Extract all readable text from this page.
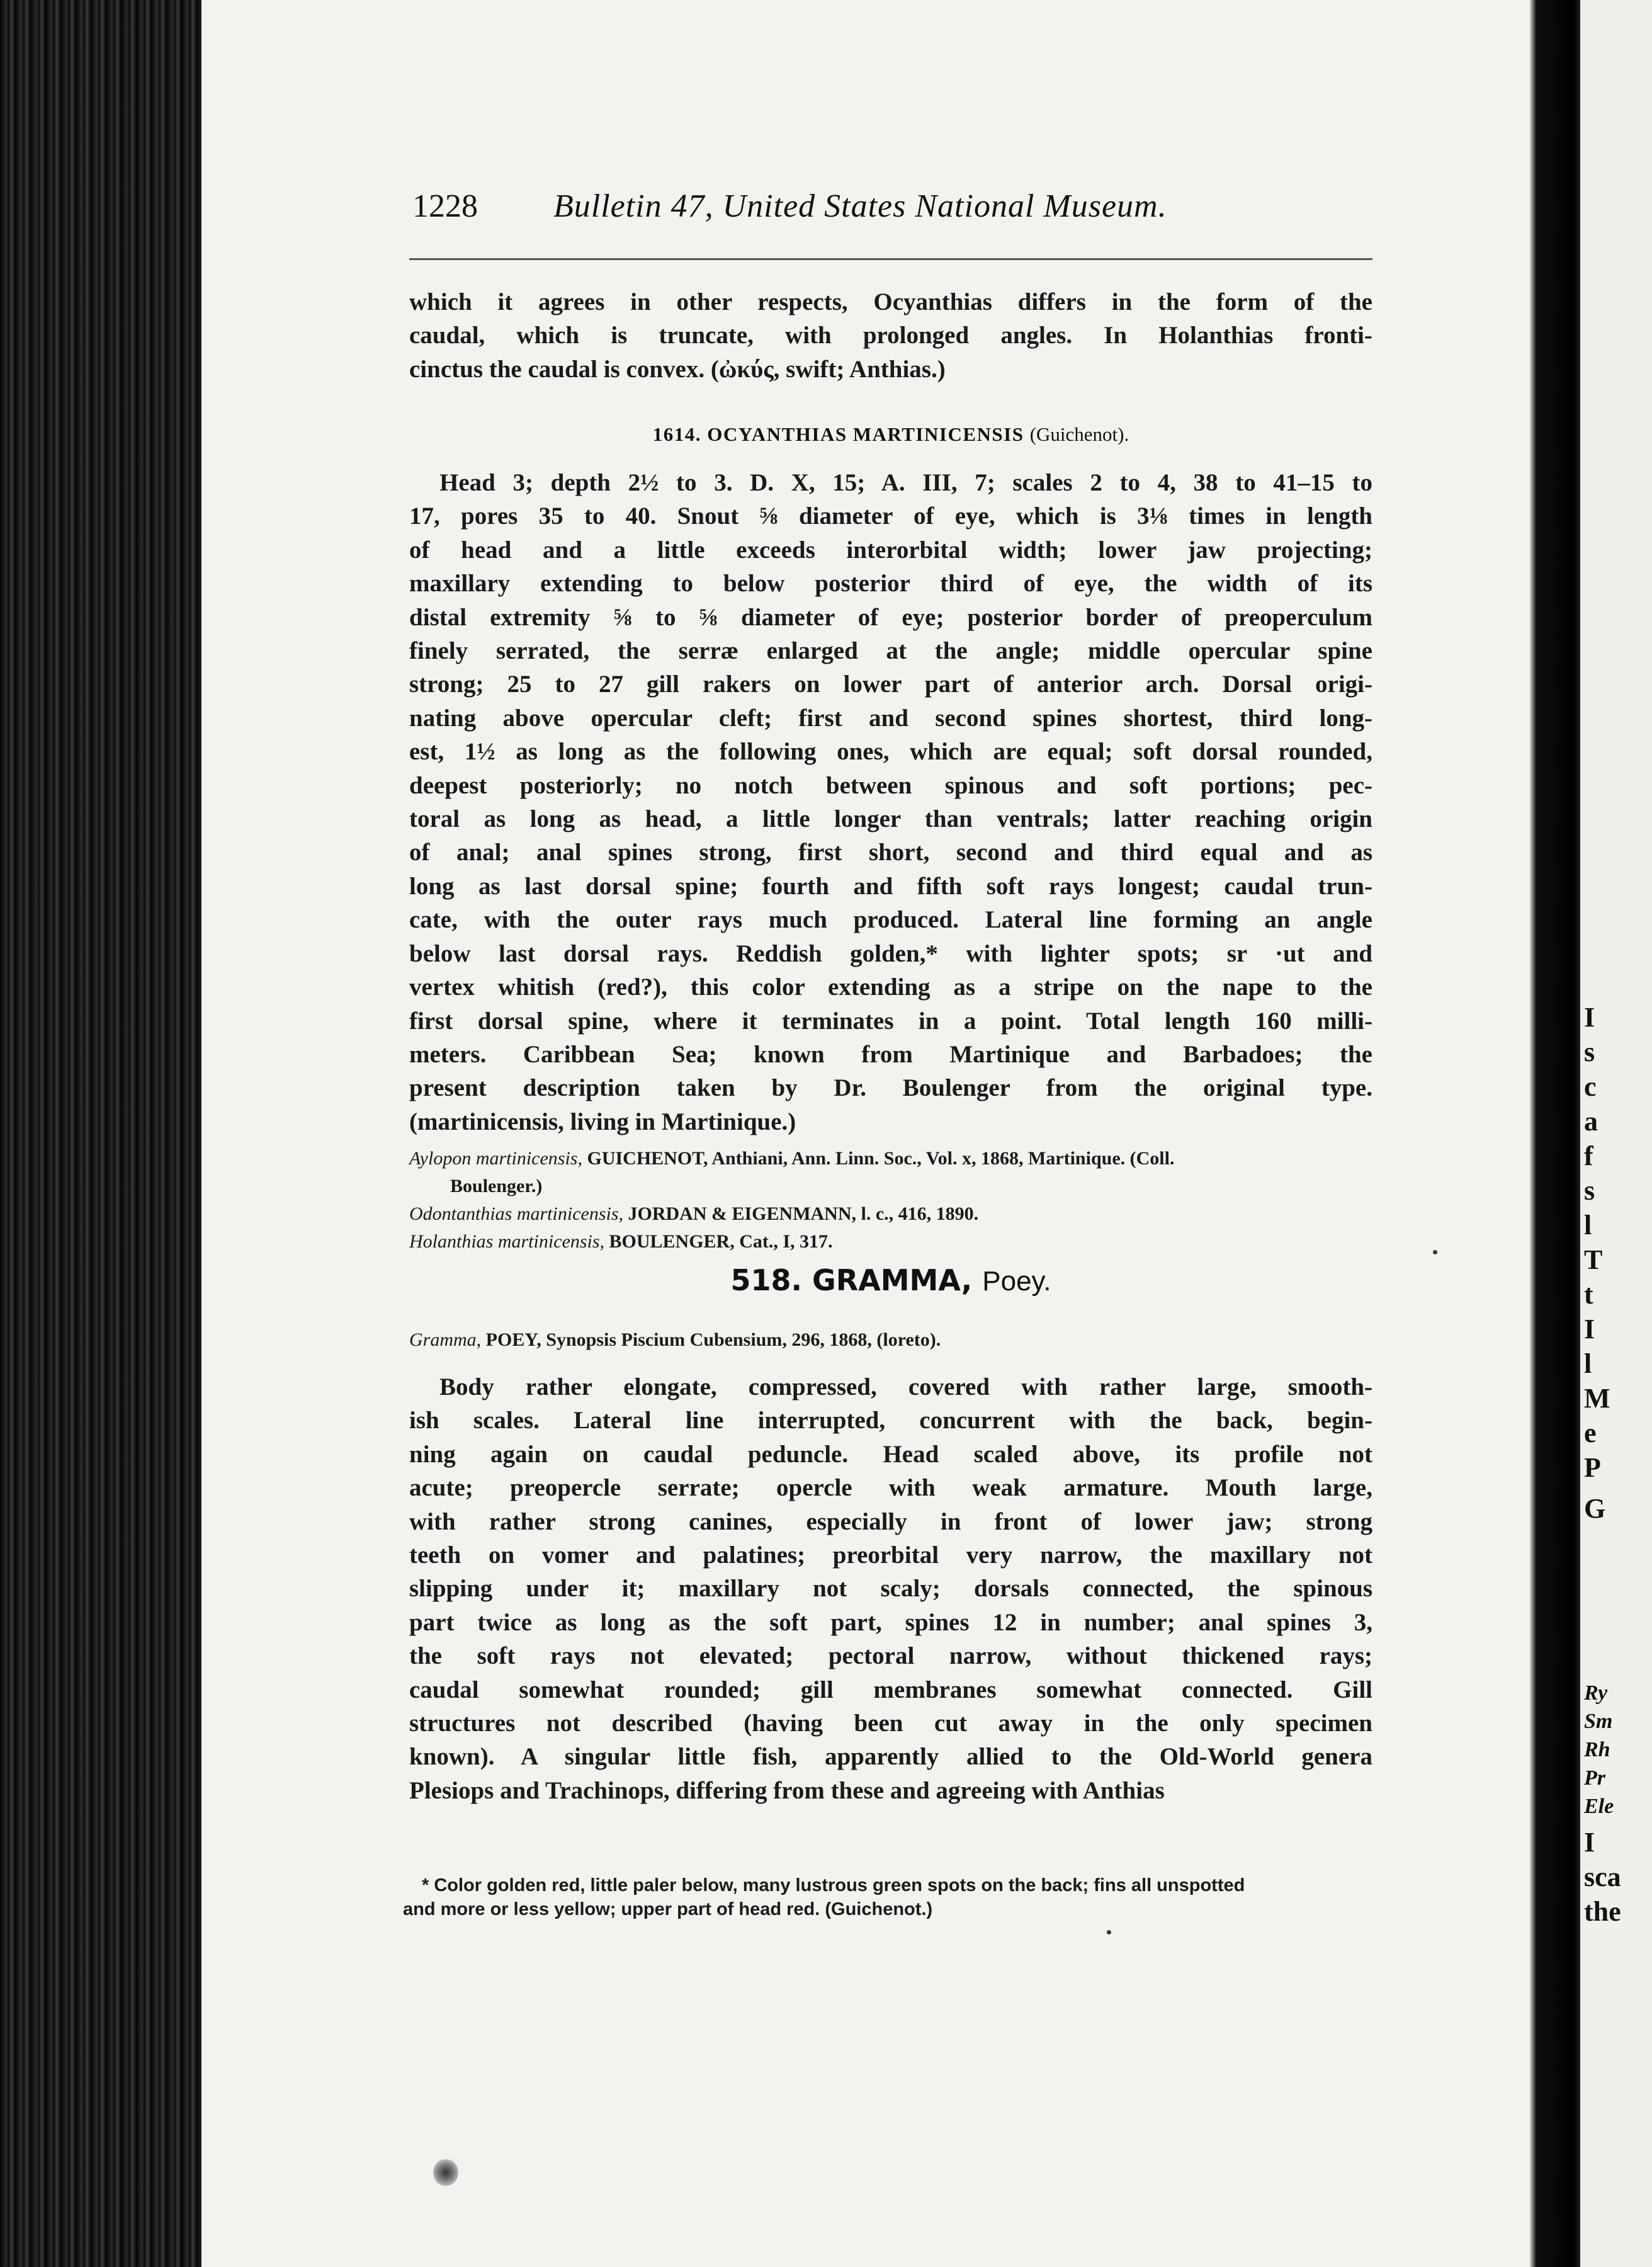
I
s
c
a
f
s
l
T
t
I
l
M
e
P
G
Ry
Sm
Rh
Pr
Ele
I
sca
the
1228 Bulletin 47, United States National Museum.
which it agrees in other respects, Ocyanthias differs in the form of the
caudal, which is truncate, with prolonged angles. In Holanthias fronti-
cinctus the caudal is convex. (ὠκύς, swift; Anthias.)
1614. OCYANTHIAS MARTINICENSIS (Guichenot).
Head 3; depth 2½ to 3. D. X, 15; A. III, 7; scales 2 to 4, 38 to 41–15 to
17, pores 35 to 40. Snout ⅝ diameter of eye, which is 3⅛ times in length
of head and a little exceeds interorbital width; lower jaw projecting;
maxillary extending to below posterior third of eye, the width of its
distal extremity ⅝ to ⅝ diameter of eye; posterior border of preoperculum
finely serrated, the serræ enlarged at the angle; middle opercular spine
strong; 25 to 27 gill rakers on lower part of anterior arch. Dorsal origi-
nating above opercular cleft; first and second spines shortest, third long-
est, 1½ as long as the following ones, which are equal; soft dorsal rounded,
deepest posteriorly; no notch between spinous and soft portions; pec-
toral as long as head, a little longer than ventrals; latter reaching origin
of anal; anal spines strong, first short, second and third equal and as
long as last dorsal spine; fourth and fifth soft rays longest; caudal trun-
cate, with the outer rays much produced. Lateral line forming an angle
below last dorsal rays. Reddish golden,* with lighter spots; sr ·ut and
vertex whitish (red?), this color extending as a stripe on the nape to the
first dorsal spine, where it terminates in a point. Total length 160 milli-
meters. Caribbean Sea; known from Martinique and Barbadoes; the
present description taken by Dr. Boulenger from the original type.
(martinicensis, living in Martinique.)
Aylopon martinicensis, GUICHENOT, Anthiani, Ann. Linn. Soc., Vol. x, 1868, Martinique. (Coll.
Boulenger.)
Odontanthias martinicensis, JORDAN & EIGENMANN, l. c., 416, 1890.
Holanthias martinicensis, BOULENGER, Cat., I, 317.
518. GRAMMA, Poey.
Gramma, POEY, Synopsis Piscium Cubensium, 296, 1868, (loreto).
Body rather elongate, compressed, covered with rather large, smooth-
ish scales. Lateral line interrupted, concurrent with the back, begin-
ning again on caudal peduncle. Head scaled above, its profile not
acute; preopercle serrate; opercle with weak armature. Mouth large,
with rather strong canines, especially in front of lower jaw; strong
teeth on vomer and palatines; preorbital very narrow, the maxillary not
slipping under it; maxillary not scaly; dorsals connected, the spinous
part twice as long as the soft part, spines 12 in number; anal spines 3,
the soft rays not elevated; pectoral narrow, without thickened rays;
caudal somewhat rounded; gill membranes somewhat connected. Gill
structures not described (having been cut away in the only specimen
known). A singular little fish, apparently allied to the Old-World genera
Plesiops and Trachinops, differing from these and agreeing with Anthias
* Color golden red, little paler below, many lustrous green spots on the back; fins all unspotted
and more or less yellow; upper part of head red. (Guichenot.)
